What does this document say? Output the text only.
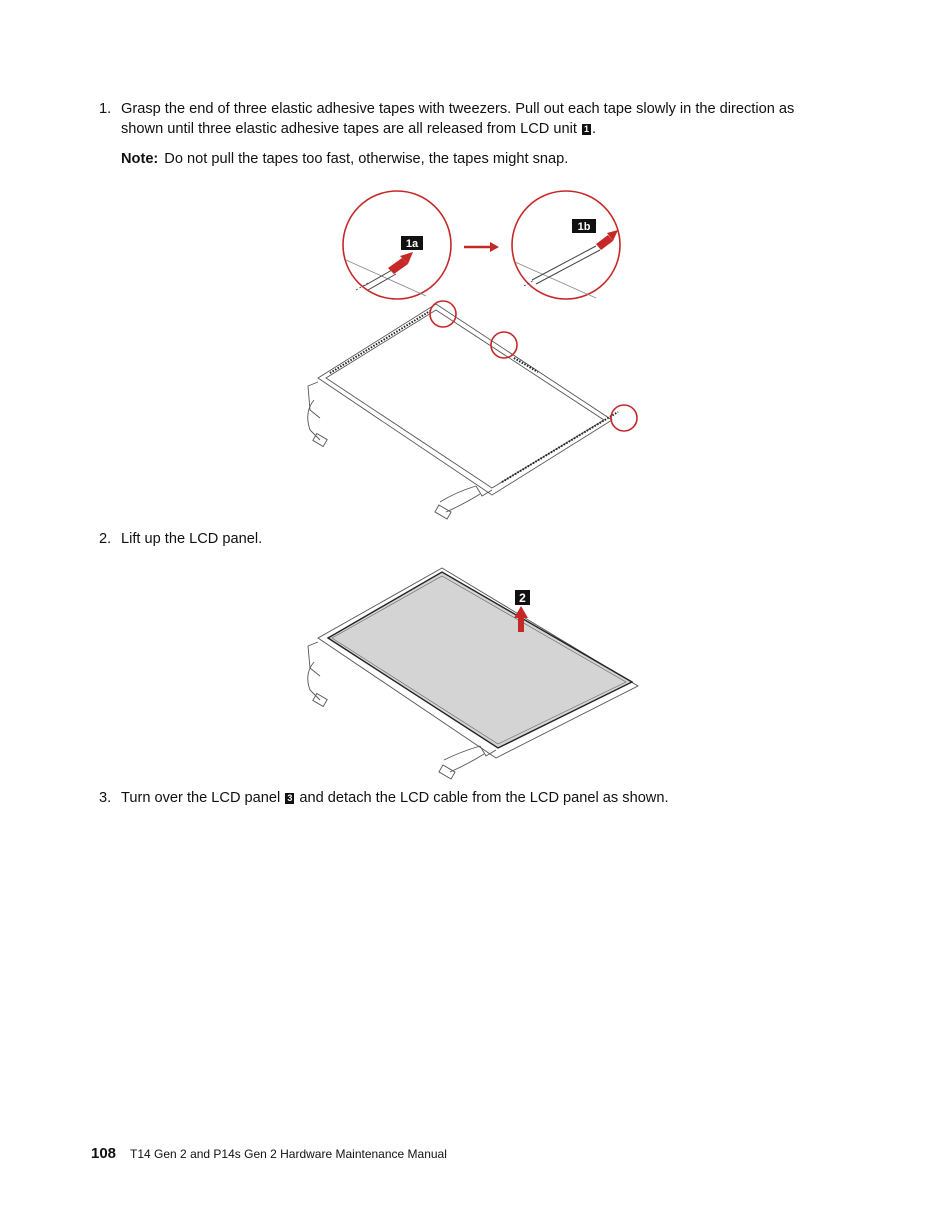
1. Grasp the end of three elastic adhesive tapes with tweezers. Pull out each tape slowly in the direction as shown until three elastic adhesive tapes are all released from LCD unit 1 .
Note: Do not pull the tapes too fast, otherwise, the tapes might snap.
1a
1b
2. Lift up the LCD panel.
2
3. Turn over the LCD panel 3 and detach the LCD cable from the LCD panel as shown.
108 T14 Gen 2 and P14s Gen 2 Hardware Maintenance Manual
